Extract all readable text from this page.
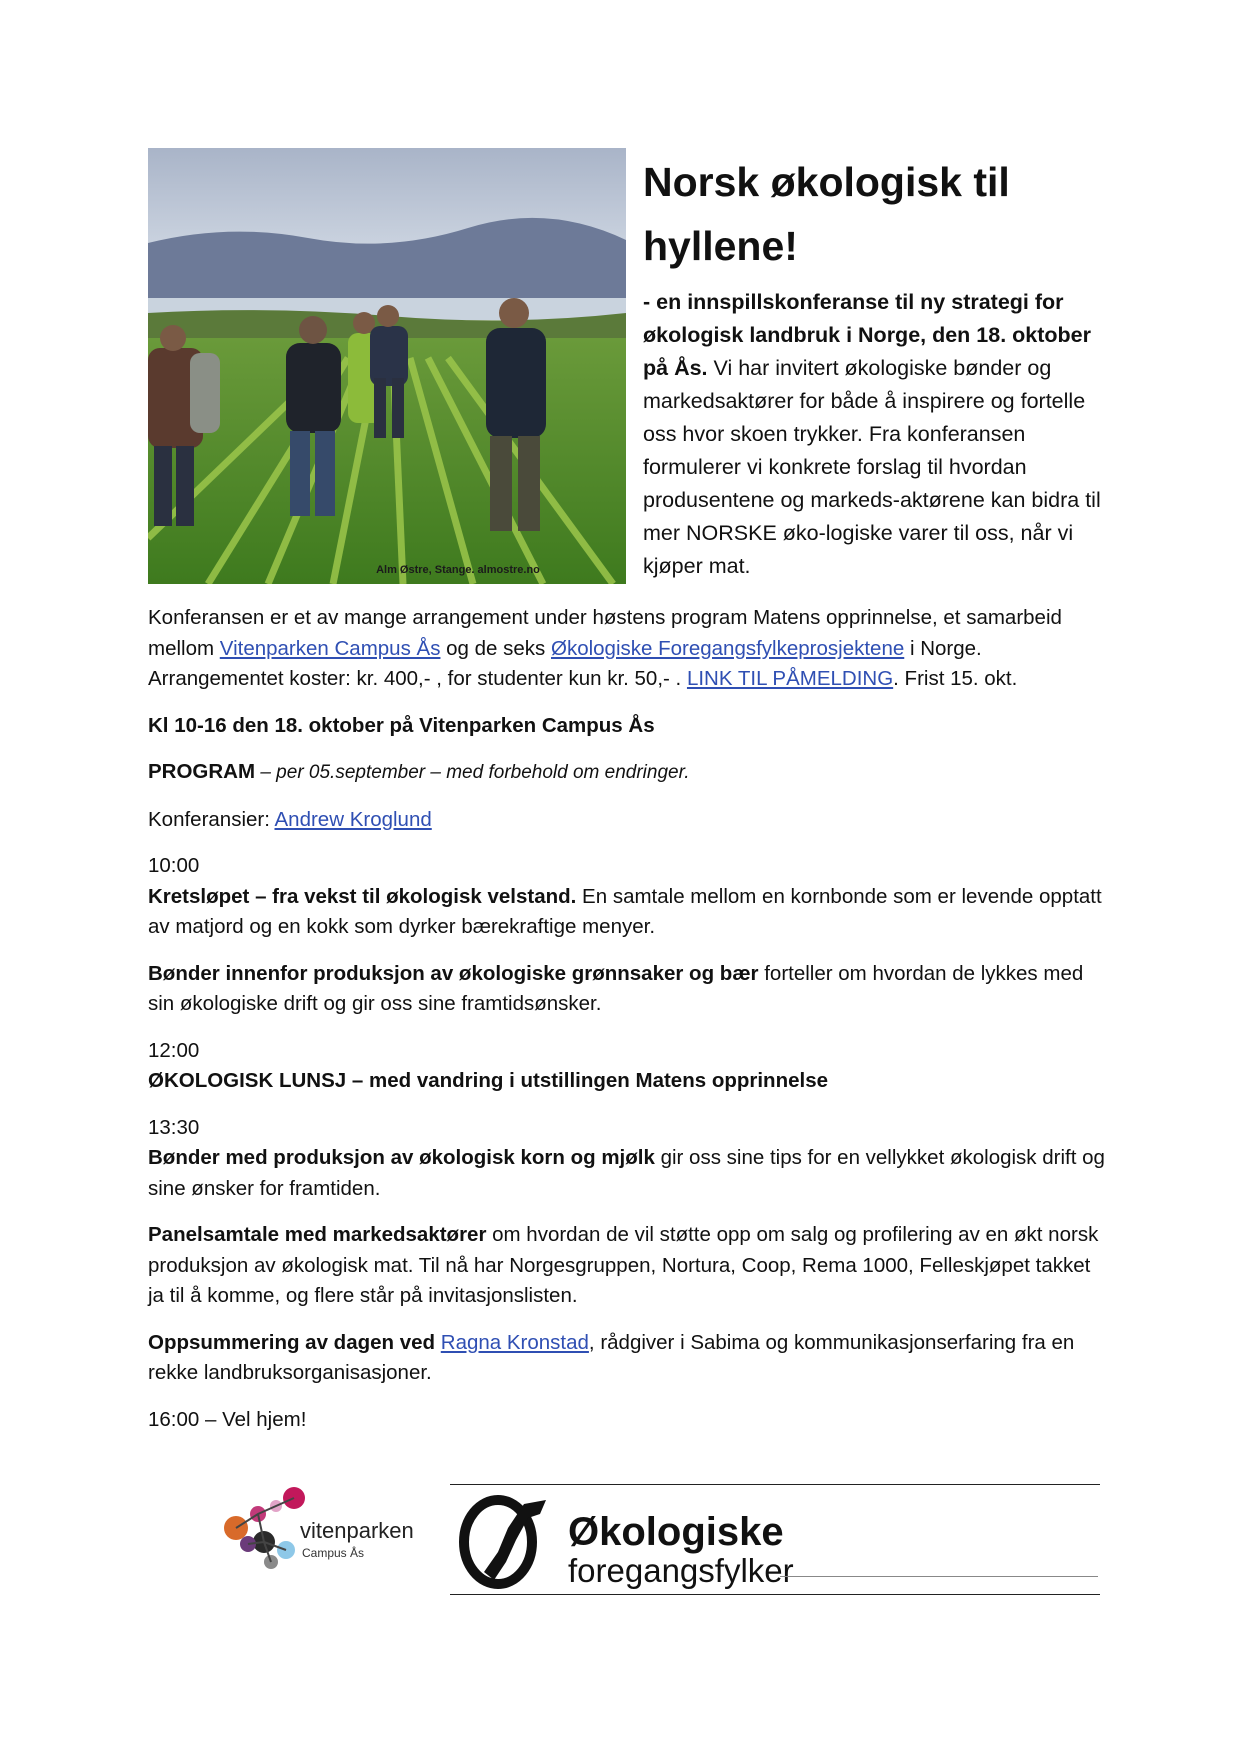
Alm Østre, Stange. almostre.no
Norsk økologisk til hyllene!

- en innspillskonferanse til ny strategi for økologisk landbruk i Norge, den 18. oktober på Ås. Vi har invitert økologiske bønder og markedsaktører for både å inspirere og fortelle oss hvor skoen trykker. Fra konferansen formulerer vi konkrete forslag til hvordan produsentene og markeds-aktørene kan bidra til mer NORSKE øko-logiske varer til oss, når vi kjøper mat.

Konferansen er et av mange arrangement under høstens program Matens opprinnelse, et samarbeid mellom Vitenparken Campus Ås og de seks Økologiske Foregangsfylkeprosjektene i Norge. Arrangementet koster: kr. 400,- , for studenter kun kr. 50,- . LINK TIL PÅMELDING. Frist 15. okt.

Kl 10-16 den 18. oktober på Vitenparken Campus Ås

PROGRAM – per 05.september – med forbehold om endringer.

Konferansier: Andrew Kroglund

10:00
Kretsløpet – fra vekst til økologisk velstand. En samtale mellom en kornbonde som er levende opptatt av matjord og en kokk som dyrker bærekraftige menyer.

Bønder innenfor produksjon av økologiske grønnsaker og bær forteller om hvordan de lykkes med sin økologiske drift og gir oss sine framtidsønsker.

12:00
ØKOLOGISK LUNSJ – med vandring i utstillingen Matens opprinnelse

13:30
Bønder med produksjon av økologisk korn og mjølk gir oss sine tips for en vellykket økologisk drift og sine ønsker for framtiden.

Panelsamtale med markedsaktører om hvordan de vil støtte opp om salg og profilering av en økt norsk produksjon av økologisk mat. Til nå har Norgesgruppen, Nortura, Coop, Rema 1000, Felleskjøpet takket ja til å komme, og flere står på invitasjonslisten.

Oppsummering av dagen ved Ragna Kronstad, rådgiver i Sabima og kommunikasjonserfaring fra en rekke landbruksorganisasjoner.

16:00 – Vel hjem!

vitenparken
Campus Ås	Økologiske
foregangsfylker
